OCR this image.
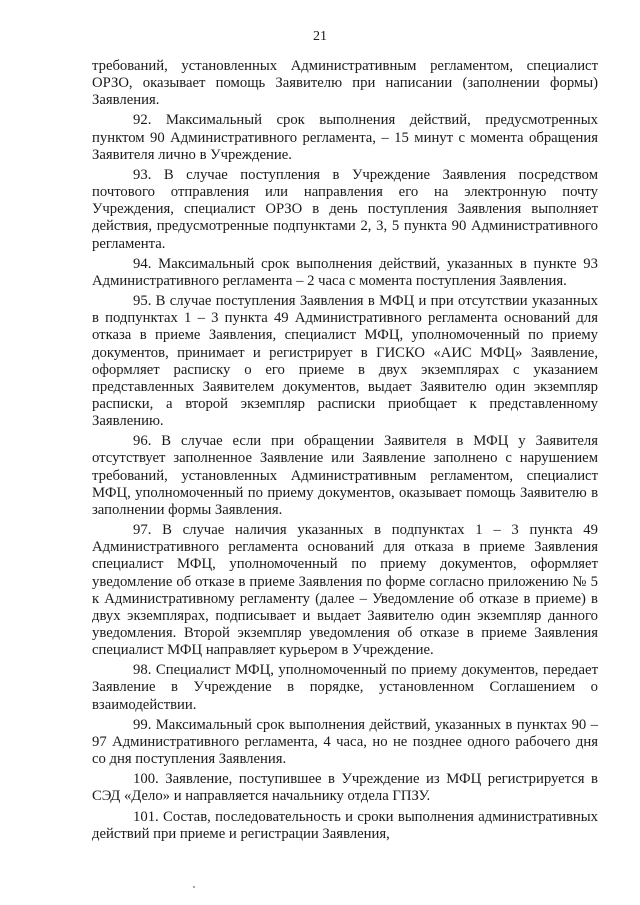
21

требований, установленных Административным регламентом, специалист ОРЗО, оказывает помощь Заявителю при написании (заполнении формы) Заявления.

92. Максимальный срок выполнения действий, предусмотренных пунктом 90 Административного регламента, – 15 минут с момента обращения Заявителя лично в Учреждение.

93. В случае поступления в Учреждение Заявления посредством почтового отправления или направления его на электронную почту Учреждения, специалист ОРЗО в день поступления Заявления выполняет действия, предусмотренные подпунктами 2, 3, 5 пункта 90 Административного регламента.

94. Максимальный срок выполнения действий, указанных в пункте 93 Административного регламента – 2 часа с момента поступления Заявления.

95. В случае поступления Заявления в МФЦ и при отсутствии указанных в подпунктах 1 – 3 пункта 49 Административного регламента оснований для отказа в приеме Заявления, специалист МФЦ, уполномоченный по приему документов, принимает и регистрирует в ГИСКО «АИС МФЦ» Заявление, оформляет расписку о его приеме в двух экземплярах с указанием представленных Заявителем документов, выдает Заявителю один экземпляр расписки, а второй экземпляр расписки приобщает к представленному Заявлению.

96. В случае если при обращении Заявителя в МФЦ у Заявителя отсутствует заполненное Заявление или Заявление заполнено с нарушением требований, установленных Административным регламентом, специалист МФЦ, уполномоченный по приему документов, оказывает помощь Заявителю в заполнении формы Заявления.

97. В случае наличия указанных в подпунктах 1 – 3 пункта 49 Административного регламента оснований для отказа в приеме Заявления специалист МФЦ, уполномоченный по приему документов, оформляет уведомление об отказе в приеме Заявления по форме согласно приложению № 5 к Административному регламенту (далее – Уведомление об отказе в приеме) в двух экземплярах, подписывает и выдает Заявителю один экземпляр данного уведомления. Второй экземпляр уведомления об отказе в приеме Заявления специалист МФЦ направляет курьером в Учреждение.

98. Специалист МФЦ, уполномоченный по приему документов, передает Заявление в Учреждение в порядке, установленном Соглашением о взаимодействии.

99. Максимальный срок выполнения действий, указанных в пунктах 90 – 97 Административного регламента, 4 часа, но не позднее одного рабочего дня со дня поступления Заявления.

100. Заявление, поступившее в Учреждение из МФЦ регистрируется в СЭД «Дело» и направляется начальнику отдела ГПЗУ.

101. Состав, последовательность и сроки выполнения административных действий при приеме и регистрации Заявления,
